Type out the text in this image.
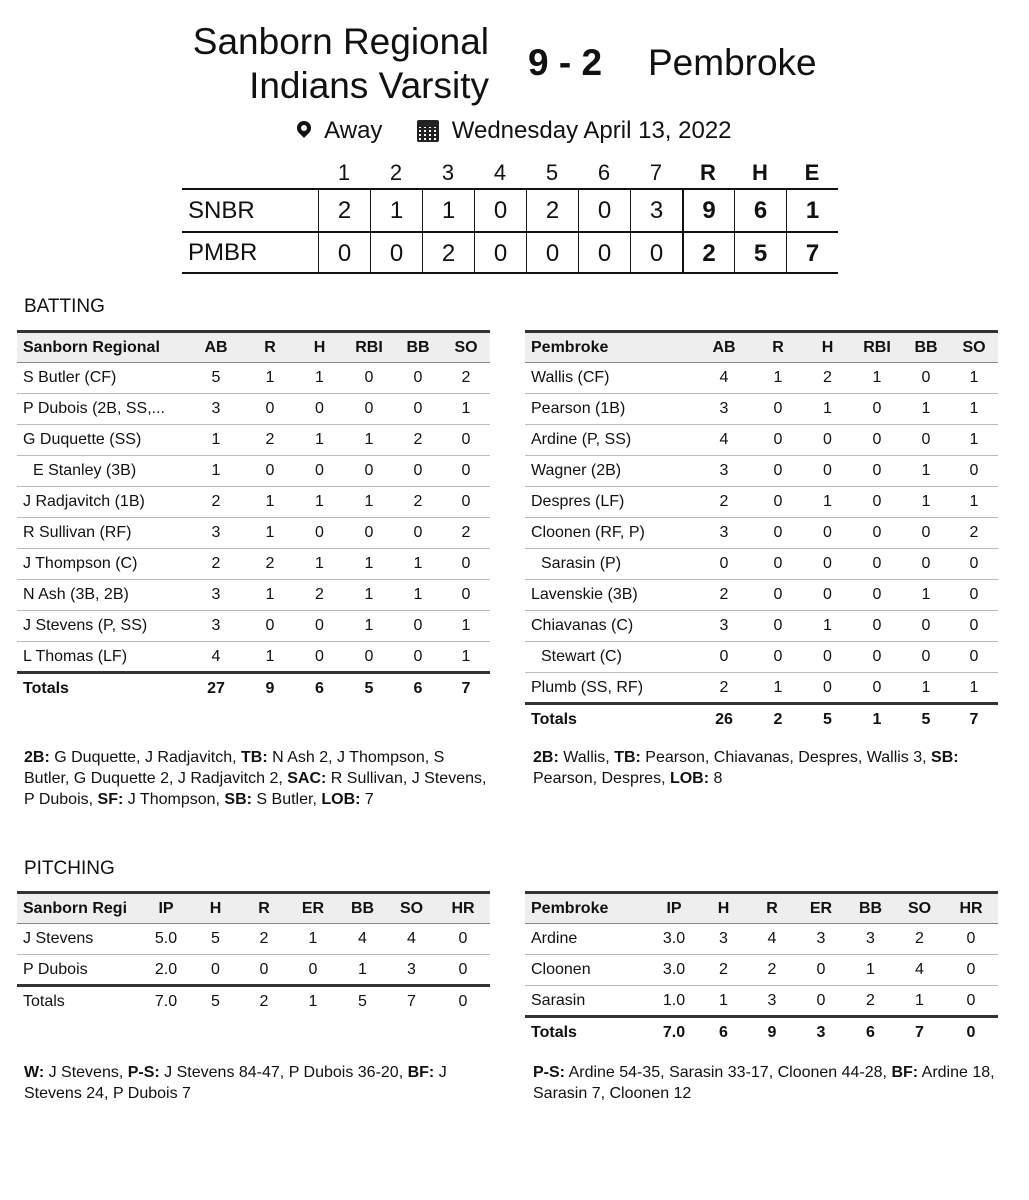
Sanborn Regional
Indians Varsity
9 - 2 Pembroke
Away	Wednesday April 13, 2022
1	2	3	4	5	6	7	R	H	E
SNBR	2	1	1	0	2	0	3	9	6	1
PMBR	0	0	2	0	0	0	0	2	5	7
BATTING
Sanborn Regional	AB	R	H	RBI	BB	SO
S Butler (CF)	5	1	1	0	0	2
P Dubois (2B, SS,...	3	0	0	0	0	1
G Duquette (SS)	1	2	1	1	2	0
E Stanley (3B)	1	0	0	0	0	0
J Radjavitch (1B)	2	1	1	1	2	0
R Sullivan (RF)	3	1	0	0	0	2
J Thompson (C)	2	2	1	1	1	0
N Ash (3B, 2B)	3	1	2	1	1	0
J Stevens (P, SS)	3	0	0	1	0	1
L Thomas (LF)	4	1	0	0	0	1
Totals	27	9	6	5	6	7
Pembroke	AB	R	H	RBI	BB	SO
Wallis (CF)	4	1	2	1	0	1
Pearson (1B)	3	0	1	0	1	1
Ardine (P, SS)	4	0	0	0	0	1
Wagner (2B)	3	0	0	0	1	0
Despres (LF)	2	0	1	0	1	1
Cloonen (RF, P)	3	0	0	0	0	2
Sarasin (P)	0	0	0	0	0	0
Lavenskie (3B)	2	0	0	0	1	0
Chiavanas (C)	3	0	1	0	0	0
Stewart (C)	0	0	0	0	0	0
Plumb (SS, RF)	2	1	0	0	1	1
Totals	26	2	5	1	5	7
2B: G Duquette, J Radjavitch, TB: N Ash 2, J Thompson, S Butler, G Duquette 2, J Radjavitch 2, SAC: R Sullivan, J Stevens, P Dubois, SF: J Thompson, SB: S Butler, LOB: 7
2B: Wallis, TB: Pearson, Chiavanas, Despres, Wallis 3, SB: Pearson, Despres, LOB: 8
PITCHING
Sanborn Regi	IP	H	R	ER	BB	SO	HR
J Stevens	5.0	5	2	1	4	4	0
P Dubois	2.0	0	0	0	1	3	0
Totals	7.0	5	2	1	5	7	0
Pembroke	IP	H	R	ER	BB	SO	HR
Ardine	3.0	3	4	3	3	2	0
Cloonen	3.0	2	2	0	1	4	0
Sarasin	1.0	1	3	0	2	1	0
Totals	7.0	6	9	3	6	7	0
W: J Stevens, P-S: J Stevens 84-47, P Dubois 36-20, BF: J Stevens 24, P Dubois 7
P-S: Ardine 54-35, Sarasin 33-17, Cloonen 44-28, BF: Ardine 18, Sarasin 7, Cloonen 12
